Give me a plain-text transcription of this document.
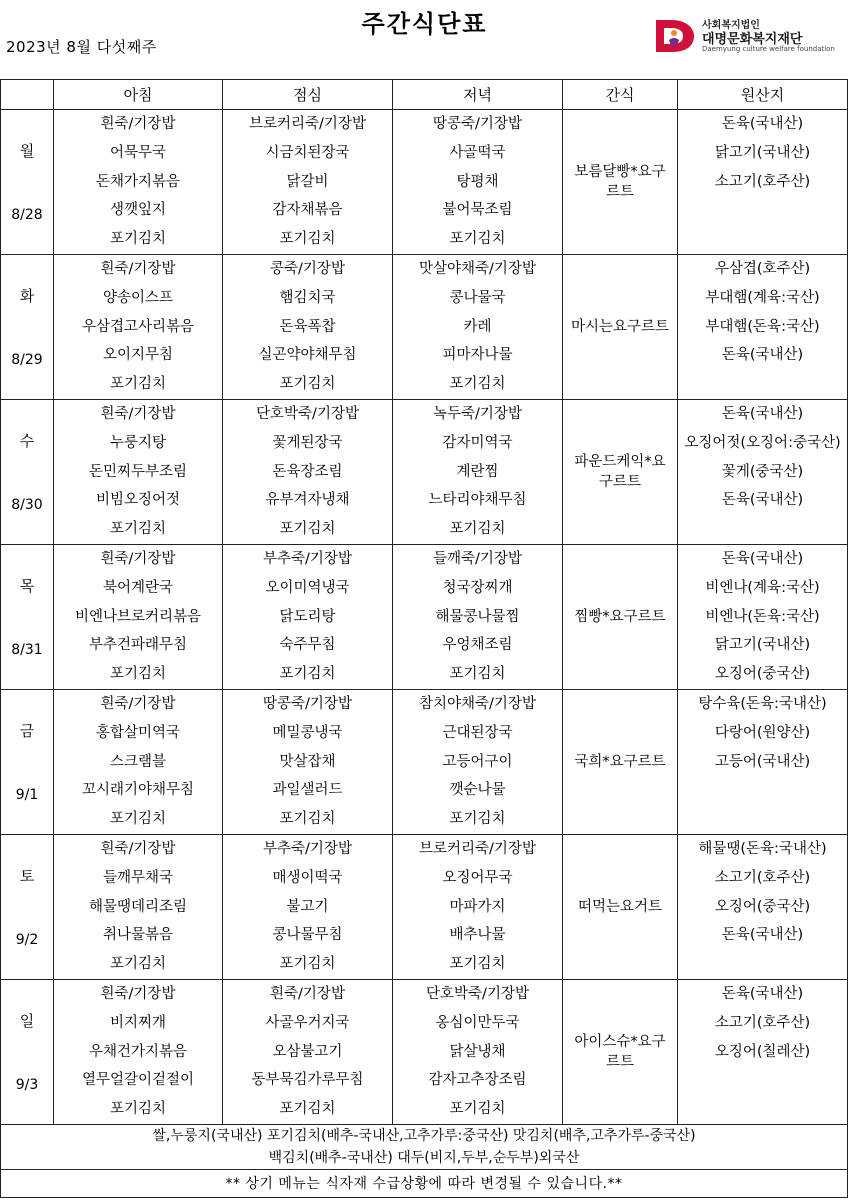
주간식단표
2023년 8월 다섯째주
사회복지법인
대명문화복지재단
Daemyung culture welfare foundation
	아침	점심	저녁	간식	원산지

월
8/28	흰죽/기장밥
어묵무국
돈채가지볶음
생깻잎지
포기김치	브로커리죽/기장밥
시금치된장국
닭갈비
감자채볶음
포기김치	땅콩죽/기장밥
사골떡국
탕평채
불어묵조림
포기김치	보름달빵*요구르트	돈육(국내산)
닭고기(국내산)
소고기(호주산)

화
8/29	흰죽/기장밥
양송이스프
우삼겹고사리볶음
오이지무침
포기김치	콩죽/기장밥
햄김치국
돈육폭찹
실곤약야채무침
포기김치	맛살야채죽/기장밥
콩나물국
카레
피마자나물
포기김치	마시는요구르트	우삼겹(호주산)
부대햄(계육:국산)
부대햄(돈육:국산)
돈육(국내산)

수
8/30	흰죽/기장밥
누룽지탕
돈민찌두부조림
비빔오징어젓
포기김치	단호박죽/기장밥
꽃게된장국
돈육장조림
유부겨자냉채
포기김치	녹두죽/기장밥
감자미역국
계란찜
느타리야채무침
포기김치	파운드케익*요구르트	돈육(국내산)
오징어젓(오징어:중국산)
꽃게(중국산)
돈육(국내산)

목
8/31	흰죽/기장밥
북어계란국
비엔나브로커리볶음
부추건파래무침
포기김치	부추죽/기장밥
오이미역냉국
닭도리탕
숙주무침
포기김치	들깨죽/기장밥
청국장찌개
해물콩나물찜
우엉채조림
포기김치	찜빵*요구르트	돈육(국내산)
비엔나(계육:국산)
비엔나(돈육:국산)
닭고기(국내산)
오징어(중국산)

금
9/1	흰죽/기장밥
홍합살미역국
스크램블
꼬시래기야채무침
포기김치	땅콩죽/기장밥
메밀콩냉국
맛살잡채
과일샐러드
포기김치	참치야채죽/기장밥
근대된장국
고등어구이
깻순나물
포기김치	국희*요구르트	탕수육(돈육:국내산)
다랑어(원양산)
고등어(국내산)

토
9/2	흰죽/기장밥
들깨무채국
해물땡데리조림
취나물볶음
포기김치	부추죽/기장밥
매생이떡국
불고기
콩나물무침
포기김치	브로커리죽/기장밥
오징어무국
마파가지
배추나물
포기김치	떠먹는요거트	해물땡(돈육:국내산)
소고기(호주산)
오징어(중국산)
돈육(국내산)

일
9/3	흰죽/기장밥
비지찌개
우채건가지볶음
열무얼갈이겉절이
포기김치	흰죽/기장밥
사골우거지국
오삼불고기
동부묵김가루무침
포기김치	단호박죽/기장밥
옹심이만두국
닭살냉채
감자고추장조림
포기김치	아이스슈*요구르트	돈육(국내산)
소고기(호주산)
오징어(칠레산)

쌀,누룽지(국내산) 포기김치(배추-국내산,고추가루:중국산) 맛김치(배추,고추가루-중국산)
백김치(배추-국내산) 대두(비지,두부,순두부)외국산					

** 상기 메뉴는 식자재 수급상황에 따라 변경될 수 있습니다.**					
